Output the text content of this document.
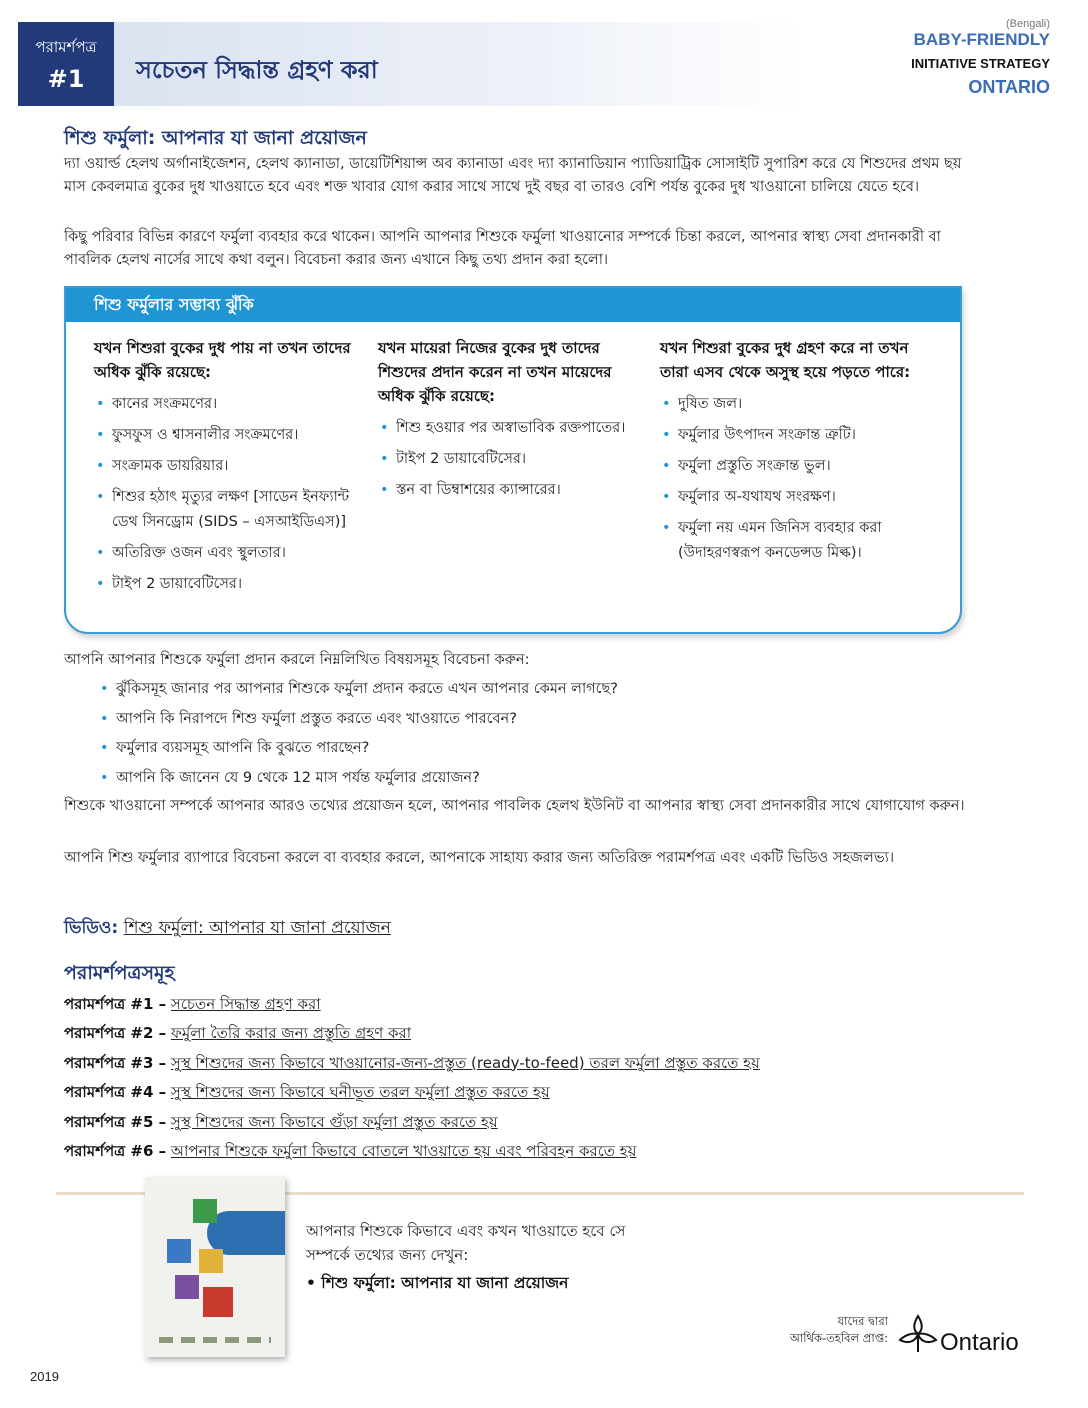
পরামর্শপত্র
#1	সচেতন সিদ্ধান্ত গ্রহণ করা
(Bengali)
BABY-FRIENDLY
INITIATIVE STRATEGY
ONTARIO
শিশু ফর্মুলা: আপনার যা জানা প্রয়োজন
দ্যা ওয়ার্ল্ড হেলথ অর্গানাইজেশন, হেলথ ক্যানাডা, ডায়েটিশিয়ান্স অব ক্যানাডা এবং দ্যা ক্যানাডিয়ান প্যাডিয়াট্রিক সোসাইটি সুপারিশ করে যে শিশুদের প্রথম ছয় মাস কেবলমাত্র বুকের দুধ খাওয়াতে হবে এবং শক্ত খাবার যোগ করার সাথে সাথে দুই বছর বা তারও বেশি পর্যন্ত বুকের দুধ খাওয়ানো চালিয়ে যেতে হবে।
কিছু পরিবার বিভিন্ন কারণে ফর্মুলা ব্যবহার করে থাকেন। আপনি আপনার শিশুকে ফর্মুলা খাওয়ানোর সম্পর্কে চিন্তা করলে, আপনার স্বাস্থ্য সেবা প্রদানকারী বা পাবলিক হেলথ নার্সের সাথে কথা বলুন। বিবেচনা করার জন্য এখানে কিছু তথ্য প্রদান করা হলো।
শিশু ফর্মুলার সম্ভাব্য ঝুঁকি
যখন শিশুরা বুকের দুধ পায় না তখন তাদের অধিক ঝুঁকি রয়েছে:
• কানের সংক্রমণের।
• ফুসফুস ও শ্বাসনালীর সংক্রমণের।
• সংক্রামক ডায়রিয়ার।
• শিশুর হঠাৎ মৃত্যুর লক্ষণ [সাডেন ইনফ্যান্ট ডেথ সিনড্রোম (SIDS – এসআইডিএস)]
• অতিরিক্ত ওজন এবং স্থুলতার।
• টাইপ 2 ডায়াবেটিসের।
যখন মায়েরা নিজের বুকের দুধ তাদের শিশুদের প্রদান করেন না তখন মায়েদের অধিক ঝুঁকি রয়েছে:
• শিশু হওয়ার পর অস্বাভাবিক রক্তপাতের।
• টাইপ 2 ডায়াবেটিসের।
• স্তন বা ডিম্বাশয়ের ক্যান্সারের।
যখন শিশুরা বুকের দুধ গ্রহণ করে না তখন তারা এসব থেকে অসুস্থ হয়ে পড়তে পারে:
• দুষিত জল।
• ফর্মুলার উৎপাদন সংক্রান্ত ত্রুটি।
• ফর্মুলা প্রস্তুতি সংক্রান্ত ভুল।
• ফর্মুলার অ-যথাযথ সংরক্ষণ।
• ফর্মুলা নয় এমন জিনিস ব্যবহার করা (উদাহরণস্বরূপ কনডেন্সড মিল্ক)।
আপনি আপনার শিশুকে ফর্মুলা প্রদান করলে নিম্নলিখিত বিষয়সমূহ বিবেচনা করুন:
• ঝুঁকিসমূহ জানার পর আপনার শিশুকে ফর্মুলা প্রদান করতে এখন আপনার কেমন লাগছে?
• আপনি কি নিরাপদে শিশু ফর্মুলা প্রস্তুত করতে এবং খাওয়াতে পারবেন?
• ফর্মুলার ব্যয়সমূহ আপনি কি বুঝতে পারছেন?
• আপনি কি জানেন যে 9 থেকে 12 মাস পর্যন্ত ফর্মুলার প্রয়োজন?
শিশুকে খাওয়ানো সম্পর্কে আপনার আরও তথ্যের প্রয়োজন হলে, আপনার পাবলিক হেলথ ইউনিট বা আপনার স্বাস্থ্য সেবা প্রদানকারীর সাথে যোগাযোগ করুন।
আপনি শিশু ফর্মুলার ব্যাপারে বিবেচনা করলে বা ব্যবহার করলে, আপনাকে সাহায্য করার জন্য অতিরিক্ত পরামর্শপত্র এবং একটি ভিডিও সহজলভ্য।
ভিডিও: শিশু ফর্মুলা: আপনার যা জানা প্রয়োজন
পরামর্শপত্রসমূহ
পরামর্শপত্র #1 – সচেতন সিদ্ধান্ত গ্রহণ করা
পরামর্শপত্র #2 – ফর্মুলা তৈরি করার জন্য প্রস্তুতি গ্রহণ করা
পরামর্শপত্র #3 – সুস্থ শিশুদের জন্য কিভাবে খাওয়ানোর-জন্য-প্রস্তুত (ready-to-feed) তরল ফর্মুলা প্রস্তুত করতে হয়
পরামর্শপত্র #4 – সুস্থ শিশুদের জন্য কিভাবে ঘনীভূত তরল ফর্মুলা প্রস্তুত করতে হয়
পরামর্শপত্র #5 – সুস্থ শিশুদের জন্য কিভাবে গুঁড়া ফর্মুলা প্রস্তুত করতে হয়
পরামর্শপত্র #6 – আপনার শিশুকে ফর্মুলা কিভাবে বোতলে খাওয়াতে হয় এবং পরিবহন করতে হয়
আপনার শিশুকে কিভাবে এবং কখন খাওয়াতে হবে সে সম্পর্কে তথ্যের জন্য দেখুন:
• শিশু ফর্মুলা: আপনার যা জানা প্রয়োজন
যাদের দ্বারা
আর্থিক-তহবিল প্রাপ্ত: Ontario
2019
